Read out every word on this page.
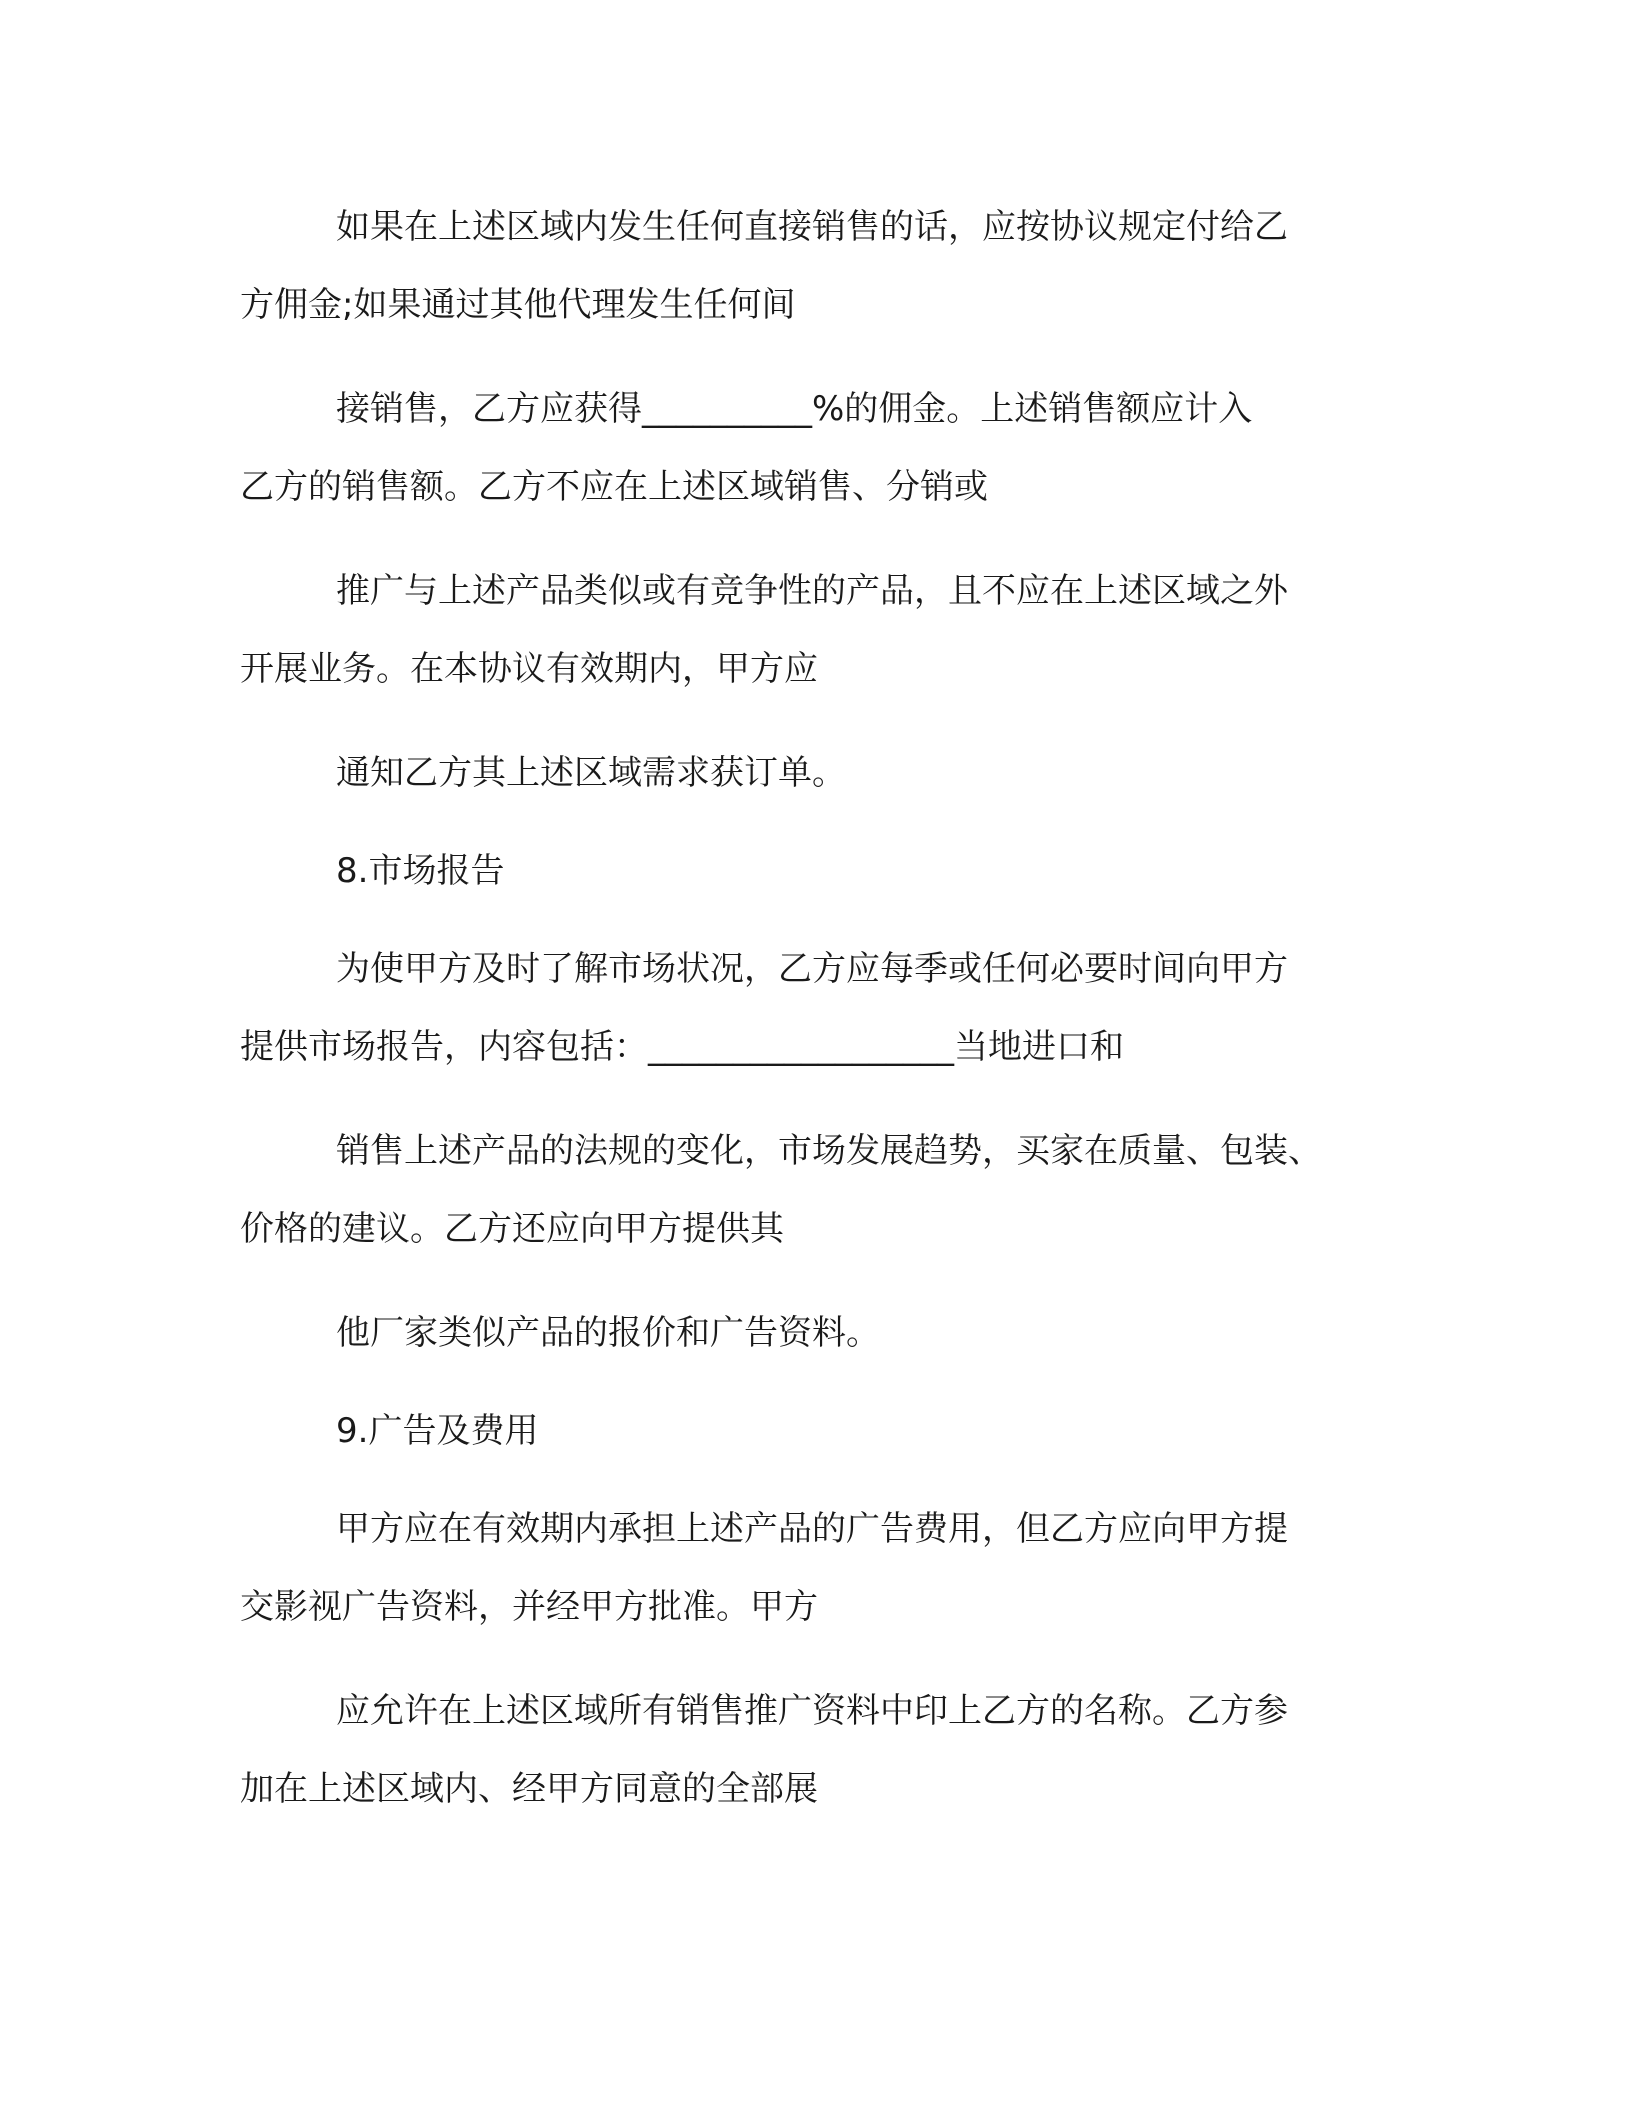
如果在上述区域内发生任何直接销售的话，应按协议规定付给乙
方佣金;如果通过其他代理发生任何间
接销售，乙方应获得__________%的佣金。上述销售额应计入
乙方的销售额。乙方不应在上述区域销售、分销或
推广与上述产品类似或有竞争性的产品，且不应在上述区域之外
开展业务。在本协议有效期内，甲方应
通知乙方其上述区域需求获订单。
8.市场报告
为使甲方及时了解市场状况，乙方应每季或任何必要时间向甲方
提供市场报告，内容包括：__________________当地进口和
销售上述产品的法规的变化，市场发展趋势，买家在质量、包装、
价格的建议。乙方还应向甲方提供其
他厂家类似产品的报价和广告资料。
9.广告及费用
甲方应在有效期内承担上述产品的广告费用，但乙方应向甲方提
交影视广告资料，并经甲方批准。甲方
应允许在上述区域所有销售推广资料中印上乙方的名称。乙方参
加在上述区域内、经甲方同意的全部展
